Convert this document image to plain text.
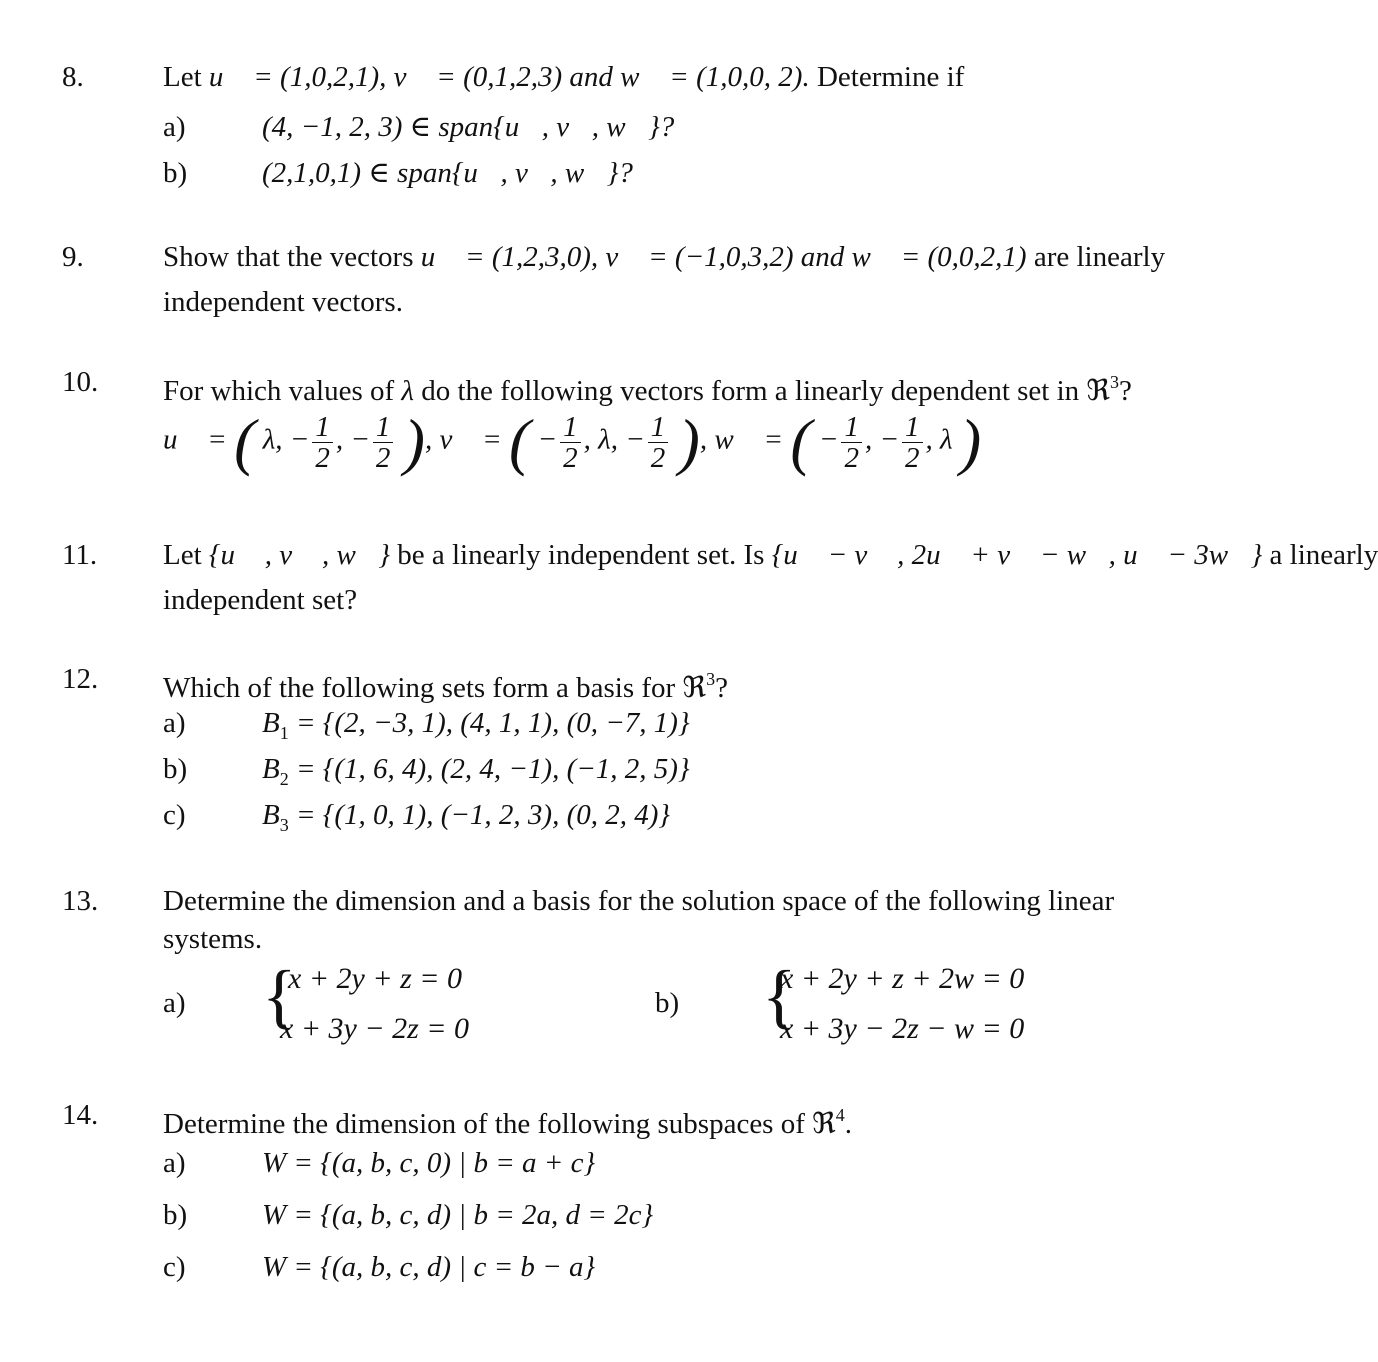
8.	Let u⃗ = (1,0,2,1), v⃗ = (0,1,2,3) and w⃗ = (1,0,0, 2). Determine if
a)	(4, −1, 2, 3) ∈ span{u⃗, v⃗, w⃗}?
b)	(2,1,0,1) ∈ span{u⃗, v⃗, w⃗}?
9.	Show that the vectors u⃗ = (1,2,3,0), v⃗ = (−1,0,3,2) and w⃗ = (0,0,2,1) are linearly
independent vectors.
10. For which values of λ do the following vectors form a linearly dependent set in ℜ$^3$?
u⃗ = ( λ, − $\frac{1}{2}$ , − $\frac{1}{2}$ ), v⃗ = ( − $\frac{1}{2}$ , λ, − $\frac{1}{2}$ ), w⃗ = ( − $\frac{1}{2}$ , − $\frac{1}{2}$ , λ )
11. Let {u⃗ , v⃗ , w⃗} be a linearly independent set. Is {u⃗ − v⃗ , 2u⃗ + v⃗ − w⃗, u⃗ − 3w⃗} a linearly
independent set?
12. Which of the following sets form a basis for ℜ$^3$?
a)	$B_1 = \{(2$, −3, 1), (4, 1, 1), (0, −7, 1)}
b)	$B_2 = \{(1$, 6, 4), (2, 4, −1), (−1, 2, 5)}
c)	$B_3 = \{(1$, 0, 1), (−1, 2, 3), (0, 2, 4)}
13. Determine the dimension and a basis for the solution space of the following linear
systems.
a) {
x + 2y + z = 0
x + 3y − 2z = 0
b) {
x + 2y + z + 2w = 0
x + 3y − 2z − w = 0
14. Determine the dimension of the following subspaces of ℜ$^4$.
a)	W = {(a, b, c, 0) | b = a + c}
b)	W = {(a, b, c, d) | b = 2a, d = 2c}
c)	W = {(a, b, c, d) | c = b − a}
